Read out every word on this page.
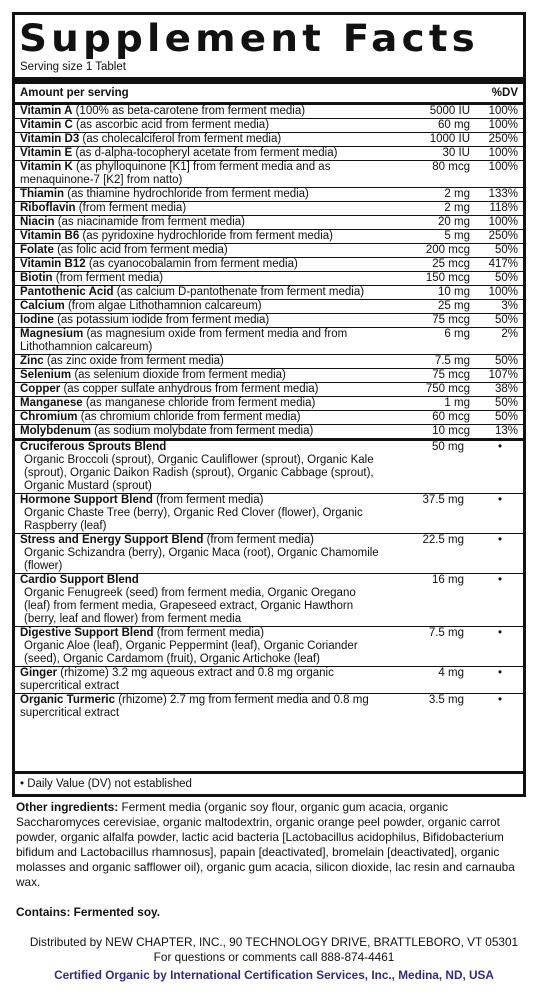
Supplement Facts
Serving size 1 Tablet
Amount per serving	%DV
Vitamin A (100% as beta-carotene from ferment media)	5000 IU	100%
Vitamin C (as ascorbic acid from ferment media)	60 mg	100%
Vitamin D3 (as cholecalciferol from ferment media)	1000 IU	250%
Vitamin E (as d-alpha-tocopheryl acetate from ferment media)	30 IU	100%
Vitamin K (as phylloquinone [K1] from ferment media and as menaquinone-7 [K2] from natto)
80 mcg	100%
Thiamin (as thiamine hydrochloride from ferment media)	2 mg	133%
Riboflavin (from ferment media)	2 mg	118%
Niacin (as niacinamide from ferment media)	20 mg	100%
Vitamin B6 (as pyridoxine hydrochloride from ferment media)	5 mg	250%
Folate (as folic acid from ferment media)	200 mcg	50%
Vitamin B12 (as cyanocobalamin from ferment media)	25 mcg	417%
Biotin (from ferment media)	150 mcg	50%
Pantothenic Acid (as calcium D-pantothenate from ferment media)	10 mg	100%
Calcium (from algae Lithothamnion calcareum)	25 mg	3%
Iodine (as potassium iodide from ferment media)	75 mcg	50%
Magnesium (as magnesium oxide from ferment media and from Lithothamnion calcareum)
6 mg	2%
Zinc (as zinc oxide from ferment media)	7.5 mg	50%
Selenium (as selenium dioxide from ferment media)	75 mcg	107%
Copper (as copper sulfate anhydrous from ferment media)	750 mcg	38%
Manganese (as manganese chloride from ferment media)	1 mg	50%
Chromium (as chromium chloride from ferment media)	60 mcg	50%
Molybdenum (as sodium molybdate from ferment media)	10 mcg	13%
Cruciferous Sprouts Blend
Organic Broccoli (sprout), Organic Cauliflower (sprout), Organic Kale (sprout), Organic Daikon Radish (sprout), Organic Cabbage (sprout), Organic Mustard (sprout)
50 mg	•
Hormone Support Blend (from ferment media)
Organic Chaste Tree (berry), Organic Red Clover (flower), Organic Raspberry (leaf)
37.5 mg	•
Stress and Energy Support Blend (from ferment media)
Organic Schizandra (berry), Organic Maca (root), Organic Chamomile (flower)
22.5 mg	•
Cardio Support Blend
Organic Fenugreek (seed) from ferment media, Organic Oregano (leaf) from ferment media, Grapeseed extract, Organic Hawthorn (berry, leaf and flower) from ferment media
16 mg	•
Digestive Support Blend (from ferment media)
Organic Aloe (leaf), Organic Peppermint (leaf), Organic Coriander (seed), Organic Cardamom (fruit), Organic Artichoke (leaf)
7.5 mg	•
Ginger (rhizome) 3.2 mg aqueous extract and 0.8 mg organic supercritical extract
4 mg	•
Organic Turmeric (rhizome) 2.7 mg from ferment media and 0.8 mg supercritical extract
3.5 mg	•
• Daily Value (DV) not established
Other ingredients: Ferment media (organic soy flour, organic gum acacia, organic Saccharomyces cerevisiae, organic maltodextrin, organic orange peel powder, organic carrot powder, organic alfalfa powder, lactic acid bacteria [Lactobacillus acidophilus, Bifidobacterium bifidum and Lactobacillus rhamnosus], papain [deactivated], bromelain [deactivated], organic molasses and organic safflower oil), organic gum acacia, silicon dioxide, lac resin and carnauba wax.
Contains: Fermented soy.
Distributed by NEW CHAPTER, INC., 90 TECHNOLOGY DRIVE, BRATTLEBORO, VT 05301
For questions or comments call 888-874-4461
Certified Organic by International Certification Services, Inc., Medina, ND, USA
